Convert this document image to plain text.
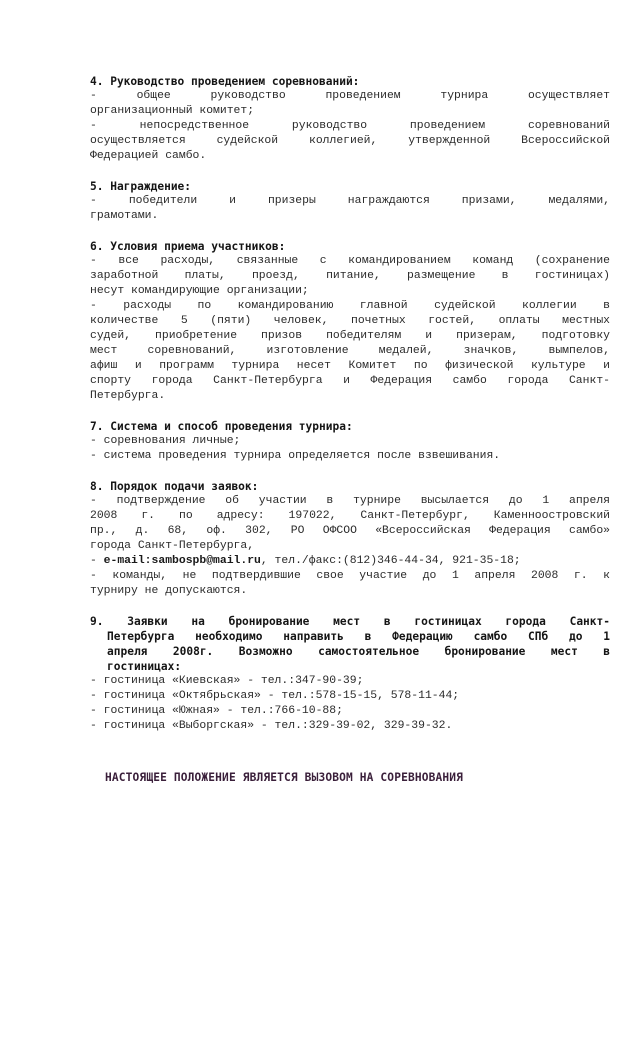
4. Руководство проведением соревнований:
- общее руководство проведением турнира осуществляет
организационный комитет;
- непосредственное руководство проведением соревнований
осуществляется судейской коллегией, утвержденной Всероссийской
Федерацией самбо.
5. Награждение:
- победители и призеры награждаются призами, медалями,
грамотами.
6. Условия приема участников:
- все расходы, связанные с командированием команд (сохранение
заработной платы, проезд, питание, размещение в гостиницах)
несут командирующие организации;
- расходы по командированию главной судейской коллегии в
количестве 5 (пяти) человек, почетных гостей, оплаты местных
судей, приобретение призов победителям и призерам, подготовку
мест соревнований, изготовление медалей, значков, вымпелов,
афиш и программ турнира несет Комитет по физической культуре и
спорту города Санкт-Петербурга и Федерация самбо города Санкт-
Петербурга.
7. Система и способ проведения турнира:
- соревнования личные;
- система проведения турнира определяется после взвешивания.
8. Порядок подачи заявок:
- подтверждение об участии в турнире высылается до 1 апреля
2008 г. по адресу: 197022, Санкт-Петербург, Каменноостровский
пр., д. 68, оф. 302, РО ОФСОО «Всероссийская Федерация самбо»
города Санкт-Петербурга,
- e-mail:sambospb@mail.ru, тел./факс:(812)346-44-34, 921-35-18;
- команды, не подтвердившие свое участие до 1 апреля 2008 г. к
турниру не допускаются.
9. Заявки на бронирование мест в гостиницах города Санкт-
Петербурга необходимо направить в Федерацию самбо СПб до 1
апреля 2008г. Возможно самостоятельное бронирование мест в
гостиницах:
- гостиница «Киевская» - тел.:347-90-39;
- гостиница «Октябрьская» - тел.:578-15-15, 578-11-44;
- гостиница «Южная» - тел.:766-10-88;
- гостиница «Выборгская» - тел.:329-39-02, 329-39-32.
НАСТОЯЩЕЕ ПОЛОЖЕНИЕ ЯВЛЯЕТСЯ ВЫЗОВОМ НА СОРЕВНОВАНИЯ
